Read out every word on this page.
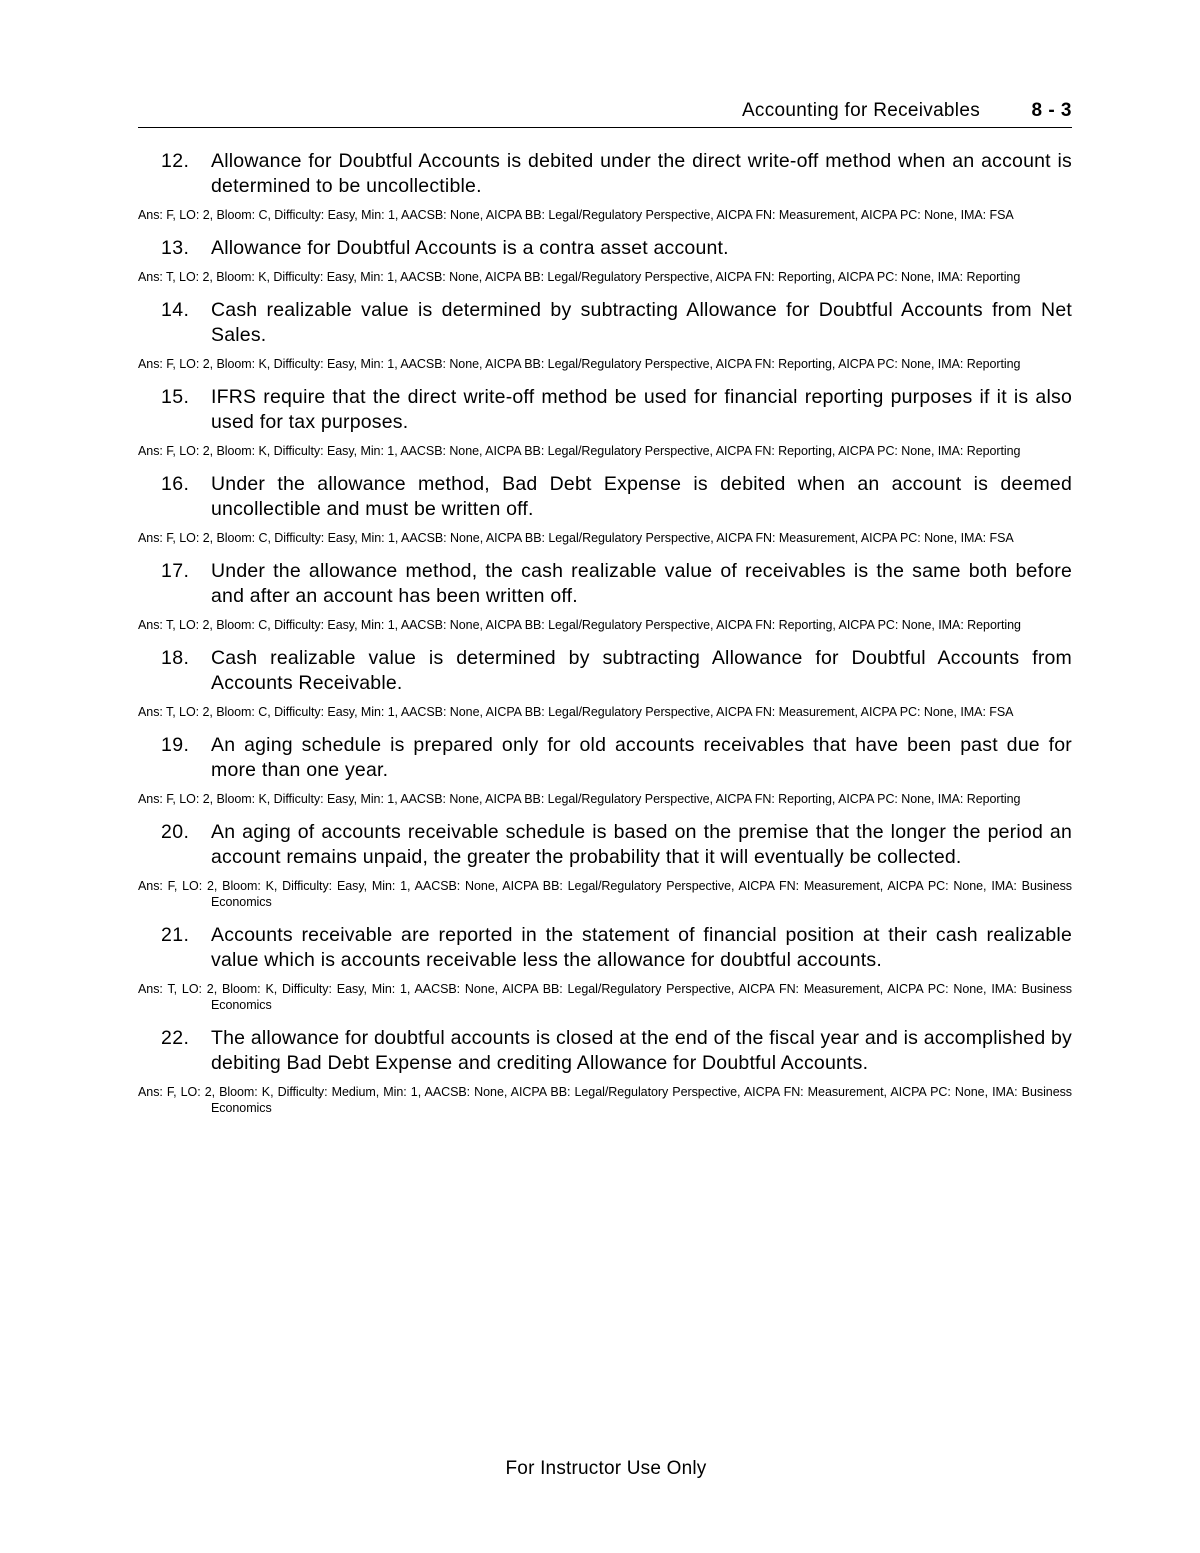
Accounting for Receivables	8 - 3
12.	Allowance for Doubtful Accounts is debited under the direct write-off method when an account is determined to be uncollectible.
Ans: F, LO: 2, Bloom: C, Difficulty: Easy, Min: 1, AACSB: None, AICPA BB: Legal/Regulatory Perspective, AICPA FN: Measurement, AICPA PC: None, IMA: FSA
13.	Allowance for Doubtful Accounts is a contra asset account.
Ans: T, LO: 2, Bloom: K, Difficulty: Easy, Min: 1, AACSB: None, AICPA BB: Legal/Regulatory Perspective, AICPA FN: Reporting, AICPA PC: None, IMA: Reporting
14.	Cash realizable value is determined by subtracting Allowance for Doubtful Accounts from Net Sales.
Ans: F, LO: 2, Bloom: K, Difficulty: Easy, Min: 1, AACSB: None, AICPA BB: Legal/Regulatory Perspective, AICPA FN: Reporting, AICPA PC: None, IMA: Reporting
15.	IFRS require that the direct write-off method be used for financial reporting purposes if it is also used for tax purposes.
Ans: F, LO: 2, Bloom: K, Difficulty: Easy, Min: 1, AACSB: None, AICPA BB: Legal/Regulatory Perspective, AICPA FN: Reporting, AICPA PC: None, IMA: Reporting
16.	Under the allowance method, Bad Debt Expense is debited when an account is deemed uncollectible and must be written off.
Ans: F, LO: 2, Bloom: C, Difficulty: Easy, Min: 1, AACSB: None, AICPA BB: Legal/Regulatory Perspective, AICPA FN: Measurement, AICPA PC: None, IMA: FSA
17.	Under the allowance method, the cash realizable value of receivables is the same both before and after an account has been written off.
Ans: T, LO: 2, Bloom: C, Difficulty: Easy, Min: 1, AACSB: None, AICPA BB: Legal/Regulatory Perspective, AICPA FN: Reporting, AICPA PC: None, IMA: Reporting
18.	Cash realizable value is determined by subtracting Allowance for Doubtful Accounts from Accounts Receivable.
Ans: T, LO: 2, Bloom: C, Difficulty: Easy, Min: 1, AACSB: None, AICPA BB: Legal/Regulatory Perspective, AICPA FN: Measurement, AICPA PC: None, IMA: FSA
19.	An aging schedule is prepared only for old accounts receivables that have been past due for more than one year.
Ans: F, LO: 2, Bloom: K, Difficulty: Easy, Min: 1, AACSB: None, AICPA BB: Legal/Regulatory Perspective, AICPA FN: Reporting, AICPA PC: None, IMA: Reporting
20.	An aging of accounts receivable schedule is based on the premise that the longer the period an account remains unpaid, the greater the probability that it will eventually be collected.
Ans: F, LO: 2, Bloom: K, Difficulty: Easy, Min: 1, AACSB: None, AICPA BB: Legal/Regulatory Perspective, AICPA FN: Measurement, AICPA PC: None, IMA: Business Economics
21.	Accounts receivable are reported in the statement of financial position at their cash realizable value which is accounts receivable less the allowance for doubtful accounts.
Ans: T, LO: 2, Bloom: K, Difficulty: Easy, Min: 1, AACSB: None, AICPA BB: Legal/Regulatory Perspective, AICPA FN: Measurement, AICPA PC: None, IMA: Business Economics
22.	The allowance for doubtful accounts is closed at the end of the fiscal year and is accomplished by debiting Bad Debt Expense and crediting Allowance for Doubtful Accounts.
Ans: F, LO: 2, Bloom: K, Difficulty: Medium, Min: 1, AACSB: None, AICPA BB: Legal/Regulatory Perspective, AICPA FN: Measurement, AICPA PC: None, IMA: Business Economics
For Instructor Use Only
